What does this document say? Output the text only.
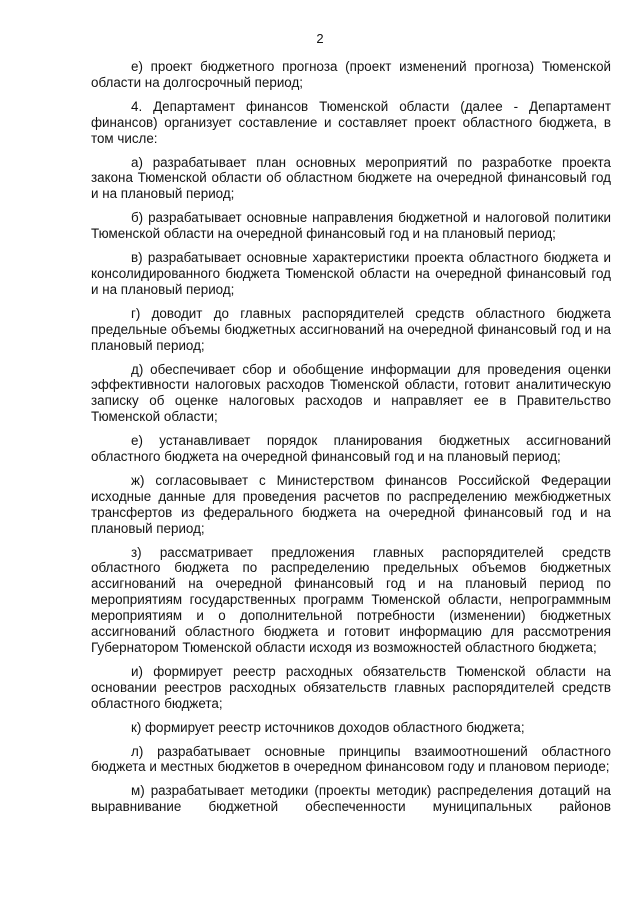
2

е) проект бюджетного прогноза (проект изменений прогноза) Тюменской области на долгосрочный период;

4. Департамент финансов Тюменской области (далее - Департамент финансов) организует составление и составляет проект областного бюджета, в том числе:

а) разрабатывает план основных мероприятий по разработке проекта закона Тюменской области об областном бюджете на очередной финансовый год и на плановый период;

б) разрабатывает основные направления бюджетной и налоговой политики Тюменской области на очередной финансовый год и на плановый период;

в) разрабатывает основные характеристики проекта областного бюджета и консолидированного бюджета Тюменской области на очередной финансовый год и на плановый период;

г) доводит до главных распорядителей средств областного бюджета предельные объемы бюджетных ассигнований на очередной финансовый год и на плановый период;

д) обеспечивает сбор и обобщение информации для проведения оценки эффективности налоговых расходов Тюменской области, готовит аналитическую записку об оценке налоговых расходов и направляет ее в Правительство Тюменской области;

е) устанавливает порядок планирования бюджетных ассигнований областного бюджета на очередной финансовый год и на плановый период;

ж) согласовывает с Министерством финансов Российской Федерации исходные данные для проведения расчетов по распределению межбюджетных трансфертов из федерального бюджета на очередной финансовый год и на плановый период;

з) рассматривает предложения главных распорядителей средств областного бюджета по распределению предельных объемов бюджетных ассигнований на очередной финансовый год и на плановый период по мероприятиям государственных программ Тюменской области, непрограммным мероприятиям и о дополнительной потребности (изменении) бюджетных ассигнований областного бюджета и готовит информацию для рассмотрения Губернатором Тюменской области исходя из возможностей областного бюджета;

и) формирует реестр расходных обязательств Тюменской области на основании реестров расходных обязательств главных распорядителей средств областного бюджета;

к) формирует реестр источников доходов областного бюджета;

л) разрабатывает основные принципы взаимоотношений областного бюджета и местных бюджетов в очередном финансовом году и плановом периоде;

м) разрабатывает методики (проекты методик) распределения дотаций на выравнивание бюджетной обеспеченности муниципальных районов
